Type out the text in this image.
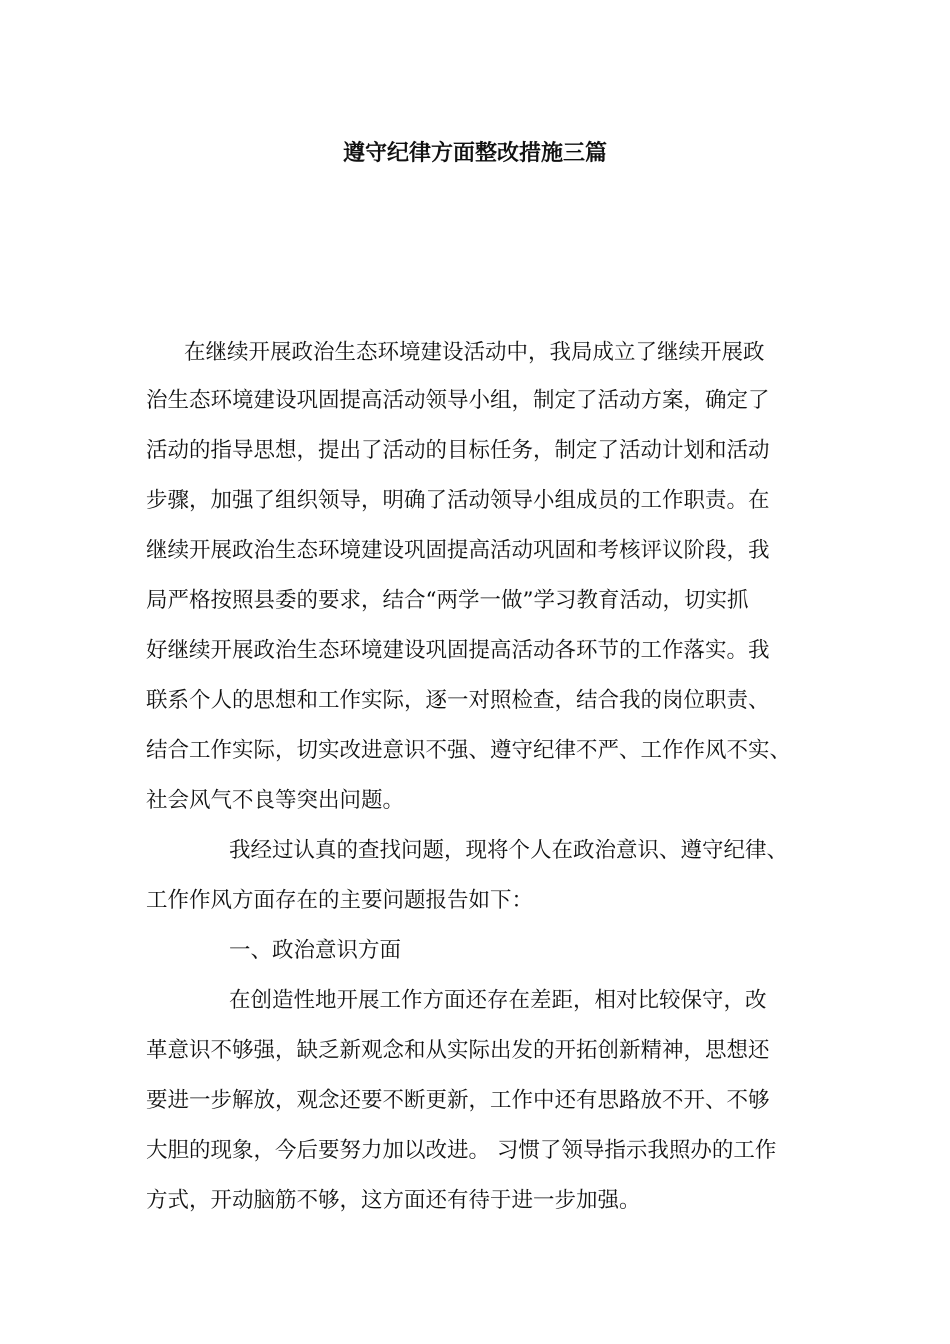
遵守纪律方面整改措施三篇
在继续开展政治生态环境建设活动中，我局成立了继续开展政
治生态环境建设巩固提高活动领导小组，制定了活动方案，确定了
活动的指导思想，提出了活动的目标任务，制定了活动计划和活动
步骤，加强了组织领导，明确了活动领导小组成员的工作职责。在
继续开展政治生态环境建设巩固提高活动巩固和考核评议阶段，我
局严格按照县委的要求，结合“两学一做”学习教育活动，切实抓
好继续开展政治生态环境建设巩固提高活动各环节的工作落实。我
联系个人的思想和工作实际，逐一对照检查，结合我的岗位职责、
结合工作实际，切实改进意识不强、遵守纪律不严、工作作风不实、
社会风气不良等突出问题。
我经过认真的查找问题，现将个人在政治意识、遵守纪律、
工作作风方面存在的主要问题报告如下：
一、政治意识方面
在创造性地开展工作方面还存在差距，相对比较保守，改
革意识不够强，缺乏新观念和从实际出发的开拓创新精神，思想还
要进一步解放，观念还要不断更新，工作中还有思路放不开、不够
大胆的现象，今后要努力加以改进。 习惯了领导指示我照办的工作
方式，开动脑筋不够，这方面还有待于进一步加强。
